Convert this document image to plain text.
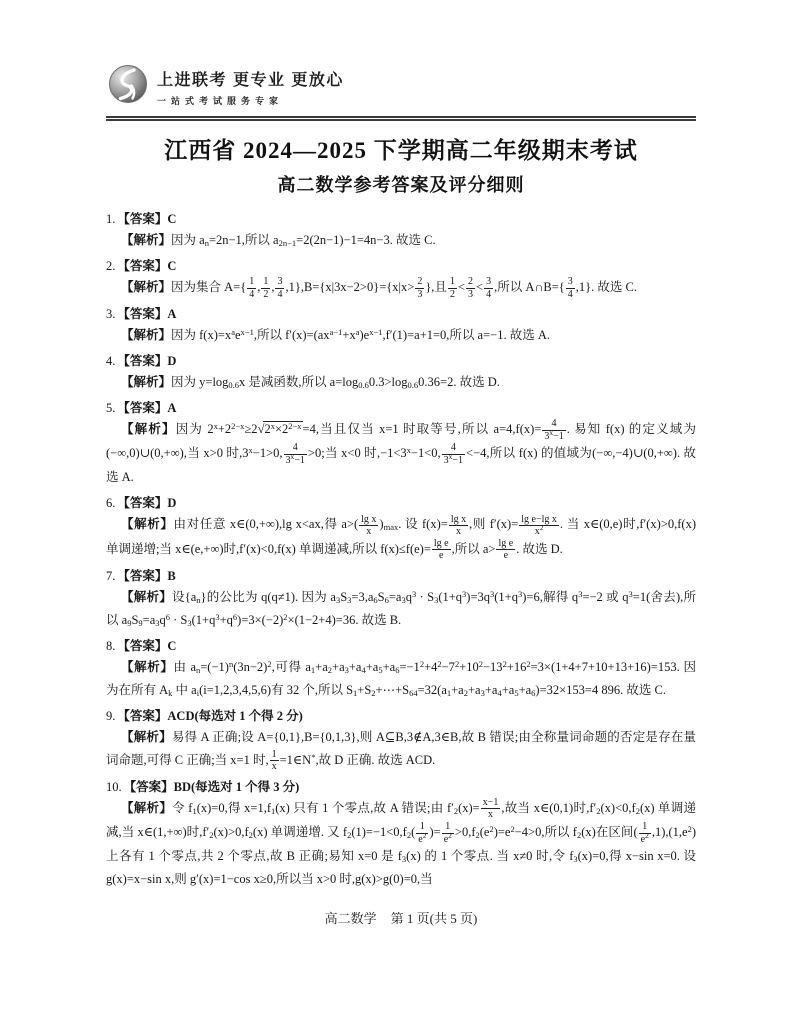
上进联考 更专业 更放心
一站式考试服务专家
江西省 2024—2025 下学期高二年级期末考试
高二数学参考答案及评分细则
1. 【答案】C

【解析】因为 $a_n=2n-1$,所以 $a_{2n-1}=2(2n-1)-1=4n-3$. 故选 C.

2. 【答案】C

【解析】因为集合 $A=\{ \frac{1}{4}$ , $\frac{1}{2}$ , $\frac{3}{4} ,1\},B=\{x|3x-2>0\}=\{x|x> \frac{2}{3}$ },且 $\frac{1}{2} < \frac{2}{3} < \frac{3}{4}$ ,所以 A∩B={ $\frac{3}{4} ,1$}. 故选 C.

3. 【答案】A

【解析】因为 $f(x)=x^ae^{x-1}$,所以 $f'(x)=(ax^{a-1}+x^a)e^{x-1},f'(1)=a+1=0$,所以 a=−1. 故选 A.

4. 【答案】D

【解析】因为 $y=\log_{0.6}x$ 是减函数,所以 $a=\log_{0.6}0.3>\log_{0.6}0.36=2$. 故选 D.

5. 【答案】A

【解析】因为 $2^x+2^{2-x}\ge 2√2^x\times 2^{2-x}=4$,当且仅当 x=1 时取等号,所以 $a=4,f(x)= \frac{4}{3^x-1}$ . 易知 f(x) 的定义域为(−∞,0)∪(0,+∞),当 x>0 时$,3^x-1>0$, $\frac{4}{3^x-1} >0$;当 x<0 时$,-1<3^x-1<0$, $\frac{4}{3^x-1} <-4$,所以 f(x) 的值域为(−∞,−4)∪(0,+∞). 故选 A.

6. 【答案】D

【解析】由对任意 x∈(0,+∞),lg x<ax,得 $a>( \frac{\text{lg x}}{x} )_{max}$. 设 $f(x)= \frac{\text{lg x}}{x}$ ,则 $f'(x)= \frac{\text{lg e−lg x}}{x^2}$ . 当 x∈(0,e)时,f′(x)>0,f(x) 单调递增;当 x∈(e,+∞)时,f′(x)<0,f(x) 单调递减,所以 $f(x)\le f(e)= \frac{\text{lg e}}{e}$ ,所以 $a> \frac{\text{lg e}}{e}$ . 故选 D.

7. 【答案】B

【解析】设$\{a_n\}$的公比为 q(q≠1). 因为 $a_3S_3=3,a_6S_6=a_3q^3 \cdot S_3(1+q^3)=3q^3(1+q^3)=6$,解得 $q^3=-2$ 或 $q^3=1$(舍去),所以 $a_9S_9=a_3q^6 \cdot S_3(1+q^3+q^6)=3\times(-2)^2\times(1-2+4)=36$. 故选 B.

8. 【答案】C

【解析】由 $a_n=(-1)^n(3n-2)^2$,可得 $a_1+a_2+a_3+a_4+a_5+a_6=-1^2+4^2-7^2+10^2-13^2+16^2=3\times(1+4+7+10+13+16)=153$. 因为在所有 $A_k$ 中 $a_i(i=1,2,3,4,5,6)$有 32 个,所以 $S_1+S_2+\cdots+S_{64}=32(a_1+a_2+a_3+a_4+a_5+a_6)=32\times 153=4$ 896. 故选 C.

9. 【答案】ACD(每选对 1 个得 2 分)

【解析】易得 A 正确;设 A={0,1},B={0,1,3},则 A⊆B,3∉A,3∈B,故 B 错误;由全称量词命题的否定是存在量词命题,可得 C 正确;当 x=1 时, $\frac{1}{x}$ =1∈N*,故 D 正确. 故选 ACD.

10. 【答案】BD(每选对 1 个得 3 分)

【解析】令 $f_1(x)=0$,得 $x=1,f_1(x)$ 只有 1 个零点,故 A 错误;由 $f'_2(x)= \frac{x-1}{x}$ ,故当 x∈(0,1)时$,f'_2(x)<0,f_2(x)$ 单调递减,当 x∈(1,+∞)时$,f'_2(x)>0,f_2(x)$ 单调递增. 又 $f_2(1)=-1<0,f_2( \frac{1}{e^2}$ )= $\frac{1}{e^2} >0,f_2(e^2)=e^2-4>0$,所以 $f_2(x)$在区间( $\frac{1}{e^2} ,1),(1,e^2)$上各有 1 个零点,共 2 个零点,故 B 正确;易知 x=0 是 $f_3(x)$ 的 1 个零点. 当 x≠0 时,令 $f_3(x)=0$,得 x−sin x=0. 设 g(x)=x−sin x,则 g′(x)=1−cos x≥0,所以当 x>0 时,g(x)>g(0)=0,当

高二数学 第 1 页(共 5 页)
